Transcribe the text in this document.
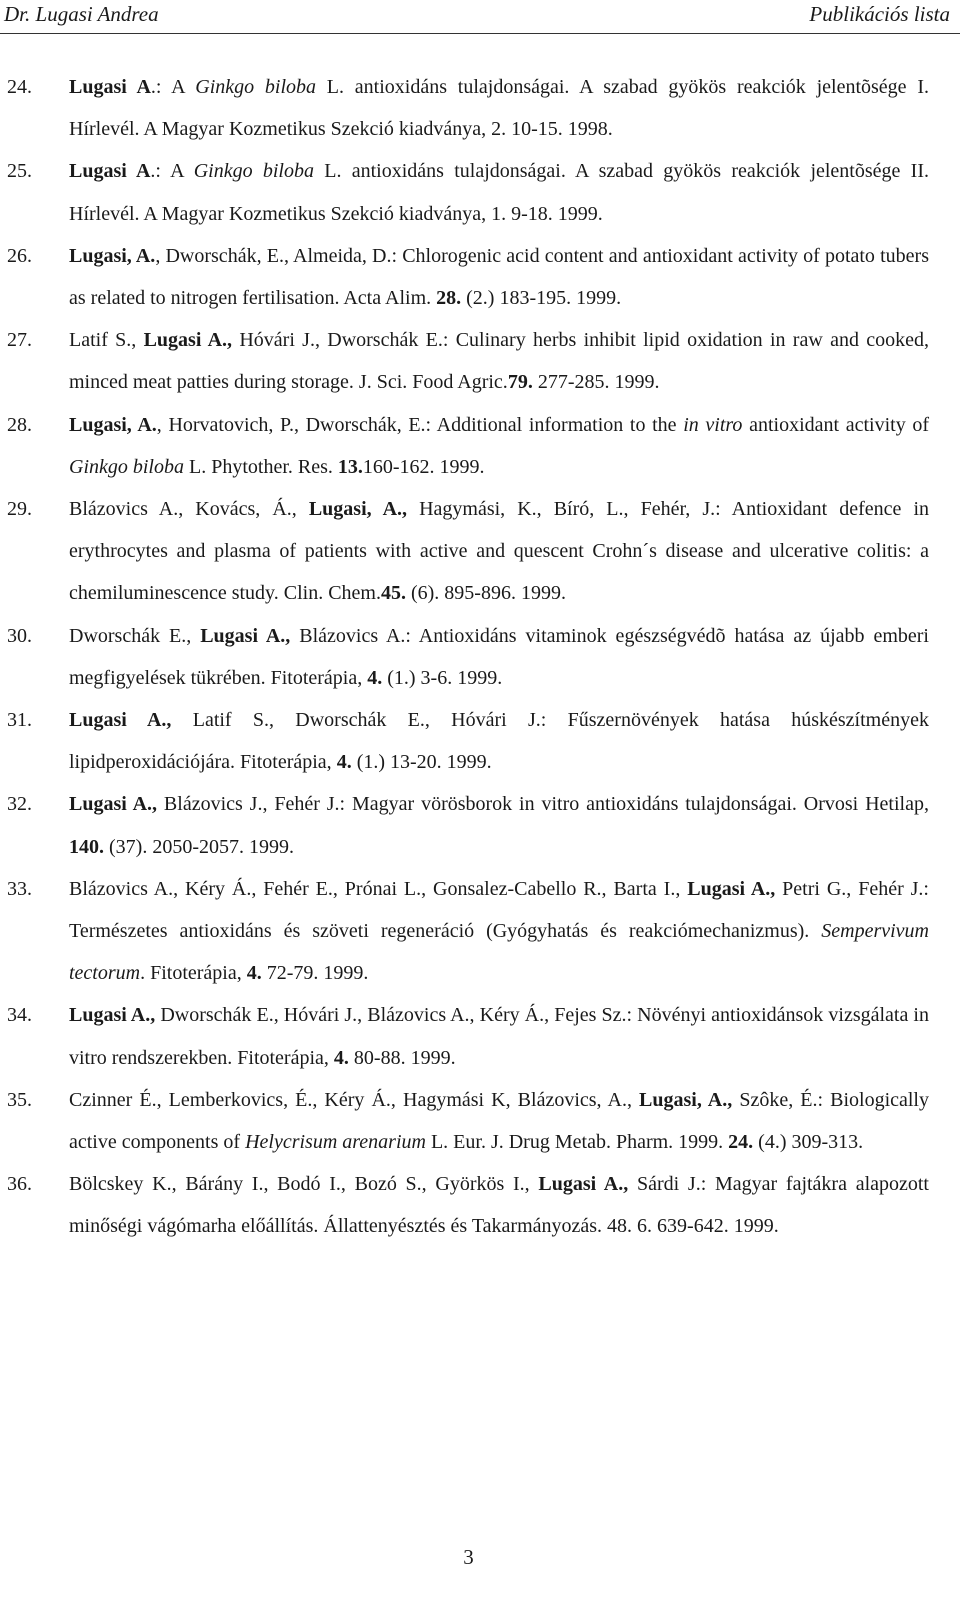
Dr. Lugasi Andrea	Publikációs lista
24. Lugasi A.: A Ginkgo biloba L. antioxidáns tulajdonságai. A szabad gyökös reakciók jelentõsége I. Hírlevél. A Magyar Kozmetikus Szekció kiadványa, 2. 10-15. 1998.
25. Lugasi A.: A Ginkgo biloba L. antioxidáns tulajdonságai. A szabad gyökös reakciók jelentõsége II. Hírlevél. A Magyar Kozmetikus Szekció kiadványa, 1. 9-18. 1999.
26. Lugasi, A., Dworschák, E., Almeida, D.: Chlorogenic acid content and antioxidant activity of potato tubers as related to nitrogen fertilisation. Acta Alim. 28. (2.) 183-195. 1999.
27. Latif S., Lugasi A., Hóvári J., Dworschák E.: Culinary herbs inhibit lipid oxidation in raw and cooked, minced meat patties during storage. J. Sci. Food Agric.79. 277-285. 1999.
28. Lugasi, A., Horvatovich, P., Dworschák, E.: Additional information to the in vitro antioxidant activity of Ginkgo biloba L. Phytother. Res. 13.160-162. 1999.
29. Blázovics A., Kovács, Á., Lugasi, A., Hagymási, K., Bíró, L., Fehér, J.: Antioxidant defence in erythrocytes and plasma of patients with active and quescent Crohn´s disease and ulcerative colitis: a chemiluminescence study. Clin. Chem.45. (6). 895-896. 1999.
30. Dworschák E., Lugasi A., Blázovics A.: Antioxidáns vitaminok egészségvédõ hatása az újabb emberi megfigyelések tükrében. Fitoterápia, 4. (1.) 3-6. 1999.
31. Lugasi A., Latif S., Dworschák E., Hóvári J.: Fűszernövények hatása húskészítmények lipidperoxidációjára. Fitoterápia, 4. (1.) 13-20. 1999.
32. Lugasi A., Blázovics J., Fehér J.: Magyar vörösborok in vitro antioxidáns tulajdonságai. Orvosi Hetilap, 140. (37). 2050-2057. 1999.
33. Blázovics A., Kéry Á., Fehér E., Prónai L., Gonsalez-Cabello R., Barta I., Lugasi A., Petri G., Fehér J.: Természetes antioxidáns és szöveti regeneráció (Gyógyhatás és reakciómechanizmus). Sempervivum tectorum. Fitoterápia, 4. 72-79. 1999.
34. Lugasi A., Dworschák E., Hóvári J., Blázovics A., Kéry Á., Fejes Sz.: Növényi antioxidánsok vizsgálata in vitro rendszerekben. Fitoterápia, 4. 80-88. 1999.
35. Czinner É., Lemberkovics, É., Kéry Á., Hagymási K, Blázovics, A., Lugasi, A., Szôke, É.: Biologically active components of Helycrisum arenarium L. Eur. J. Drug Metab. Pharm. 1999. 24. (4.) 309-313.
36. Bölcskey K., Bárány I., Bodó I., Bozó S., Györkös I., Lugasi A., Sárdi J.: Magyar fajtákra alapozott minőségi vágómarha előállítás. Állattenyésztés és Takarmányozás. 48. 6. 639-642. 1999.
3
